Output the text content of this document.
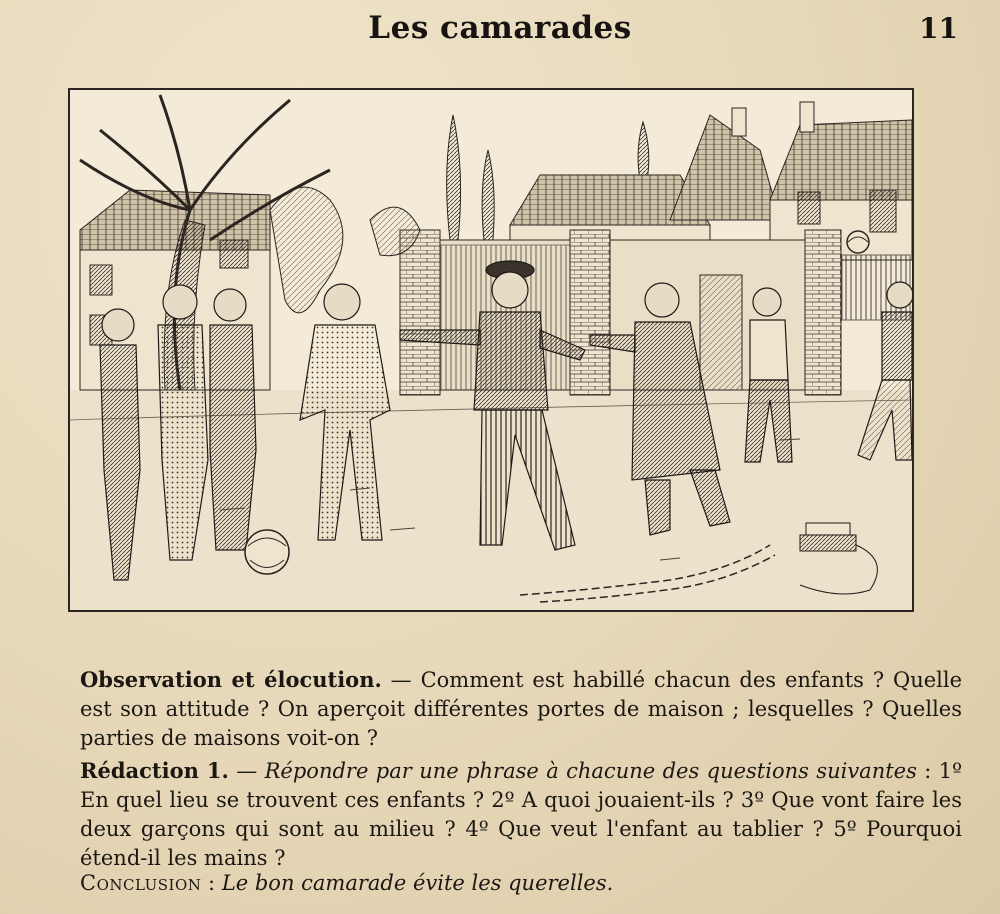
Les camarades	11
Observation et élocution. — Comment est habillé chacun des enfants ? Quelle est son attitude ? On aperçoit différentes portes de maison ; lesquelles ? Quelles parties de maisons voit-on ?
Rédaction 1. — Répondre par une phrase à chacune des questions suivantes : 1º En quel lieu se trouvent ces enfants ? 2º A quoi jouaient-ils ? 3º Que vont faire les deux garçons qui sont au milieu ? 4º Que veut l'enfant au tablier ? 5º Pourquoi étend-il les mains ?
Conclusion : Le bon camarade évite les querelles.
